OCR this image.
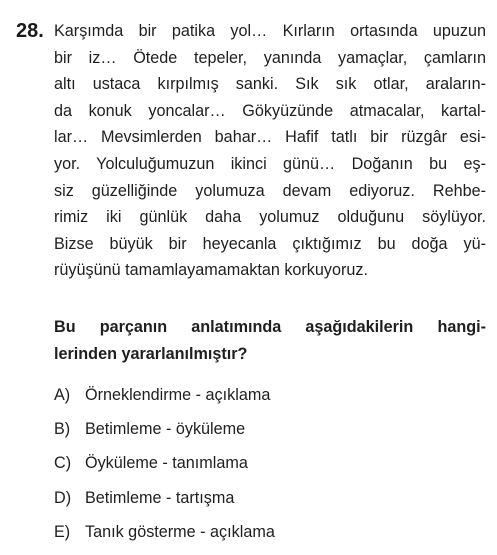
28. Karşımda bir patika yol… Kırların ortasında upuzun
bir iz… Ötede tepeler, yanında yamaçlar, çamların
altı ustaca kırpılmış sanki. Sık sık otlar, araların-
da konuk yoncalar… Gökyüzünde atmacalar, kartal-
lar… Mevsimlerden bahar… Hafif tatlı bir rüzgâr esi-
yor. Yolculuğumuzun ikinci günü… Doğanın bu eş-
siz güzelliğinde yolumuza devam ediyoruz. Rehbe-
rimiz iki günlük daha yolumuz olduğunu söylüyor.
Bizse büyük bir heyecanla çıktığımız bu doğa yü-
rüyüşünü tamamlayamamaktan korkuyoruz.
Bu parçanın anlatımında aşağıdakilerin hangi-
lerinden yararlanılmıştır?
A) Örneklendirme - açıklama
B) Betimleme - öyküleme
C) Öyküleme - tanımlama
D) Betimleme - tartışma
E) Tanık gösterme - açıklama
